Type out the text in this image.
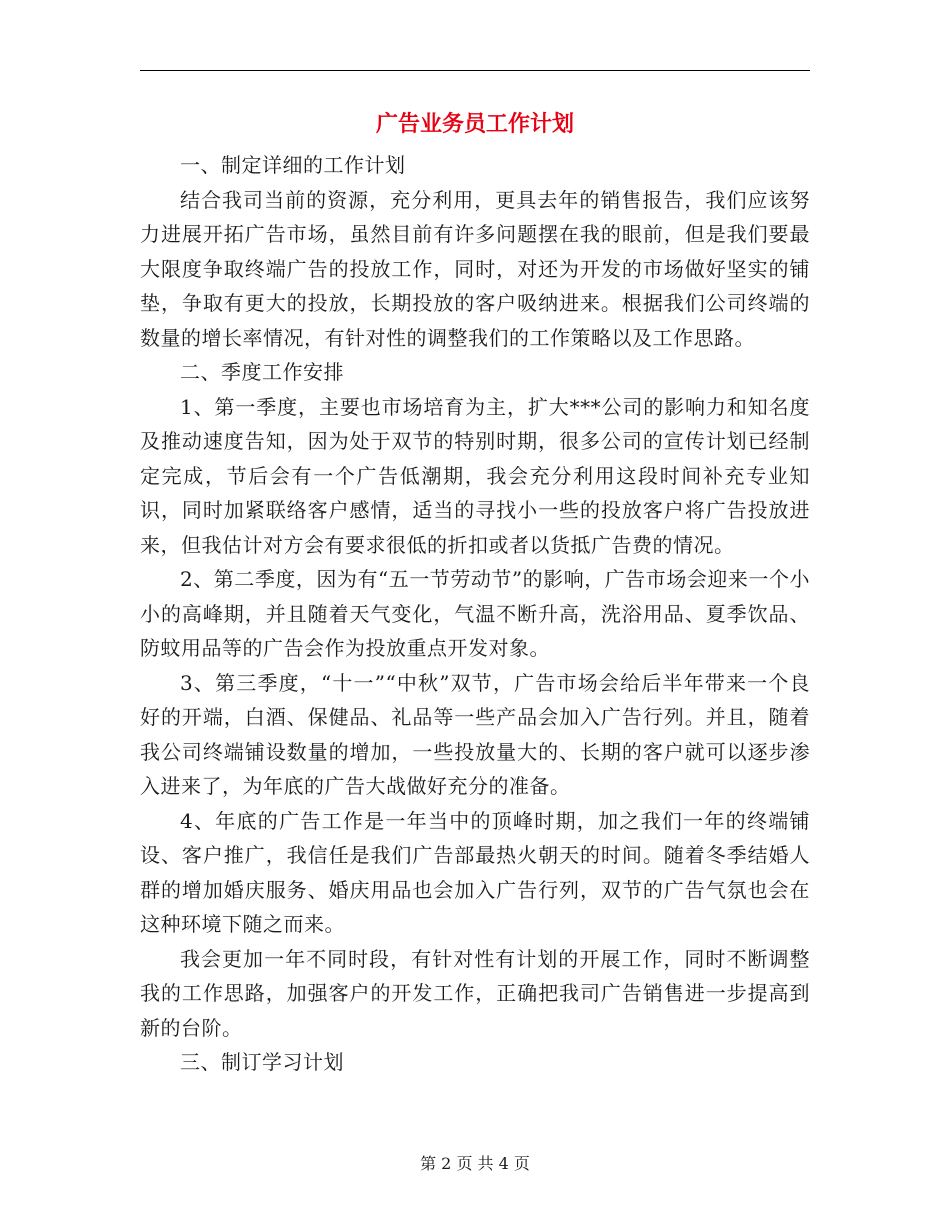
广告业务员工作计划

一、制定详细的工作计划

结合我司当前的资源，充分利用，更具去年的销售报告，我们应该努力进展开拓广告市场，虽然目前有许多问题摆在我的眼前，但是我们要最大限度争取终端广告的投放工作，同时，对还为开发的市场做好坚实的铺垫，争取有更大的投放，长期投放的客户吸纳进来。根据我们公司终端的数量的增长率情况，有针对性的调整我们的工作策略以及工作思路。

二、季度工作安排

1、第一季度，主要也市场培育为主，扩大***公司的影响力和知名度及推动速度告知，因为处于双节的特别时期，很多公司的宣传计划已经制定完成，节后会有一个广告低潮期，我会充分利用这段时间补充专业知识，同时加紧联络客户感情，适当的寻找小一些的投放客户将广告投放进来，但我估计对方会有要求很低的折扣或者以货抵广告费的情况。

2、第二季度，因为有“五一节劳动节”的影响，广告市场会迎来一个小小的高峰期，并且随着天气变化，气温不断升高，洗浴用品、夏季饮品、防蚊用品等的广告会作为投放重点开发对象。

3、第三季度，“十一”“中秋”双节，广告市场会给后半年带来一个良好的开端，白酒、保健品、礼品等一些产品会加入广告行列。并且，随着我公司终端铺设数量的增加，一些投放量大的、长期的客户就可以逐步渗入进来了，为年底的广告大战做好充分的准备。

4、年底的广告工作是一年当中的顶峰时期，加之我们一年的终端铺设、客户推广，我信任是我们广告部最热火朝天的时间。随着冬季结婚人群的增加婚庆服务、婚庆用品也会加入广告行列，双节的广告气氛也会在这种环境下随之而来。

我会更加一年不同时段，有针对性有计划的开展工作，同时不断调整我的工作思路，加强客户的开发工作，正确把我司广告销售进一步提高到新的台阶。

三、制订学习计划

第 2 页 共 4 页
